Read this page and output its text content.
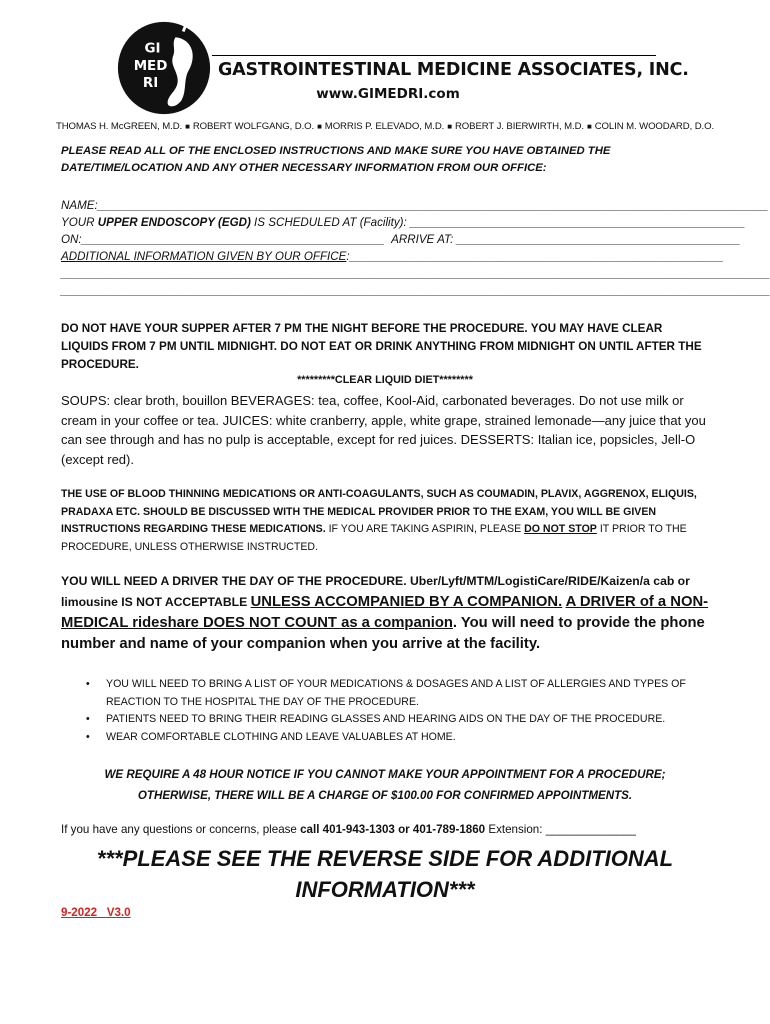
GI
MED
RI
GASTROINTESTINAL MEDICINE ASSOCIATES, INC.
www.GIMEDRI.com
THOMAS H. McGREEN, M.D. ■ ROBERT WOLFGANG, D.O. ■ MORRIS P. ELEVADO, M.D. ■ ROBERT J. BIERWIRTH, M.D. ■ COLIN M. WOODARD, D.O.
PLEASE READ ALL OF THE ENCLOSED INSTRUCTIONS AND MAKE SURE YOU HAVE OBTAINED THE DATE/TIME/LOCATION AND ANY OTHER NECESSARY INFORMATION FROM OUR OFFICE:
NAME:________________________________________________________________________________________________________
YOUR UPPER ENDOSCOPY (EGD) IS SCHEDULED AT (Facility): ____________________________________________________
ON:_______________________________________________  ARRIVE AT: ____________________________________________
ADDITIONAL INFORMATION GIVEN BY OUR OFFICE:__________________________________________________________
______________________________________________________________________________________________________________
______________________________________________________________________________________________________________
DO NOT HAVE YOUR SUPPER AFTER 7 PM THE NIGHT BEFORE THE PROCEDURE. YOU MAY HAVE CLEAR LIQUIDS FROM 7 PM UNTIL MIDNIGHT. DO NOT EAT OR DRINK ANYTHING FROM MIDNIGHT ON UNTIL AFTER THE PROCEDURE.
*********CLEAR LIQUID DIET********
SOUPS: clear broth, bouillon BEVERAGES: tea, coffee, Kool-Aid, carbonated beverages. Do not use milk or cream in your coffee or tea. JUICES: white cranberry, apple, white grape, strained lemonade—any juice that you can see through and has no pulp is acceptable, except for red juices. DESSERTS: Italian ice, popsicles, Jell-O (except red).
THE USE OF BLOOD THINNING MEDICATIONS OR ANTI-COAGULANTS, SUCH AS COUMADIN, PLAVIX, AGGRENOX, ELIQUIS, PRADAXA ETC. SHOULD BE DISCUSSED WITH THE MEDICAL PROVIDER PRIOR TO THE EXAM, YOU WILL BE GIVEN INSTRUCTIONS REGARDING THESE MEDICATIONS. IF YOU ARE TAKING ASPIRIN, PLEASE DO NOT STOP IT PRIOR TO THE PROCEDURE, UNLESS OTHERWISE INSTRUCTED.
YOU WILL NEED A DRIVER THE DAY OF THE PROCEDURE. Uber/Lyft/MTM/LogistiCare/RIDE/Kaizen/a cab or limousine IS NOT ACCEPTABLE UNLESS ACCOMPANIED BY A COMPANION. A DRIVER of a NON-MEDICAL rideshare DOES NOT COUNT as a companion. You will need to provide the phone number and name of your companion when you arrive at the facility.
• YOU WILL NEED TO BRING A LIST OF YOUR MEDICATIONS & DOSAGES AND A LIST OF ALLERGIES AND TYPES OF REACTION TO THE HOSPITAL THE DAY OF THE PROCEDURE.
• PATIENTS NEED TO BRING THEIR READING GLASSES AND HEARING AIDS ON THE DAY OF THE PROCEDURE.
• WEAR COMFORTABLE CLOTHING AND LEAVE VALUABLES AT HOME.
WE REQUIRE A 48 HOUR NOTICE IF YOU CANNOT MAKE YOUR APPOINTMENT FOR A PROCEDURE;
OTHERWISE, THERE WILL BE A CHARGE OF $100.00 FOR CONFIRMED APPOINTMENTS.
If you have any questions or concerns, please call 401-943-1303 or 401-789-1860 Extension: ______________
***PLEASE SEE THE REVERSE SIDE FOR ADDITIONAL
INFORMATION***
9-2022   V3.0
